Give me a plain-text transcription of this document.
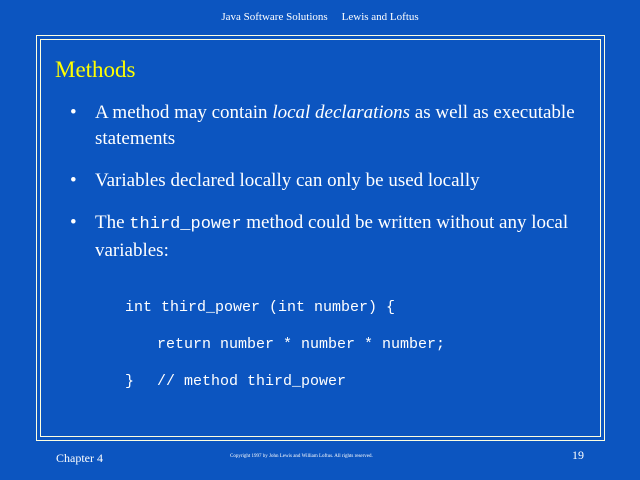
Java Software Solutions Lewis and Loftus
Methods
• A method may contain local declarations as well as executable statements
• Variables declared locally can only be used locally
• The third_power method could be written without any local variables:
int third_power (int number) {
return number * number * number;
} // method third_power
Chapter 4	Copyright 1997 by John Lewis and William Loftus. All rights reserved.	19
